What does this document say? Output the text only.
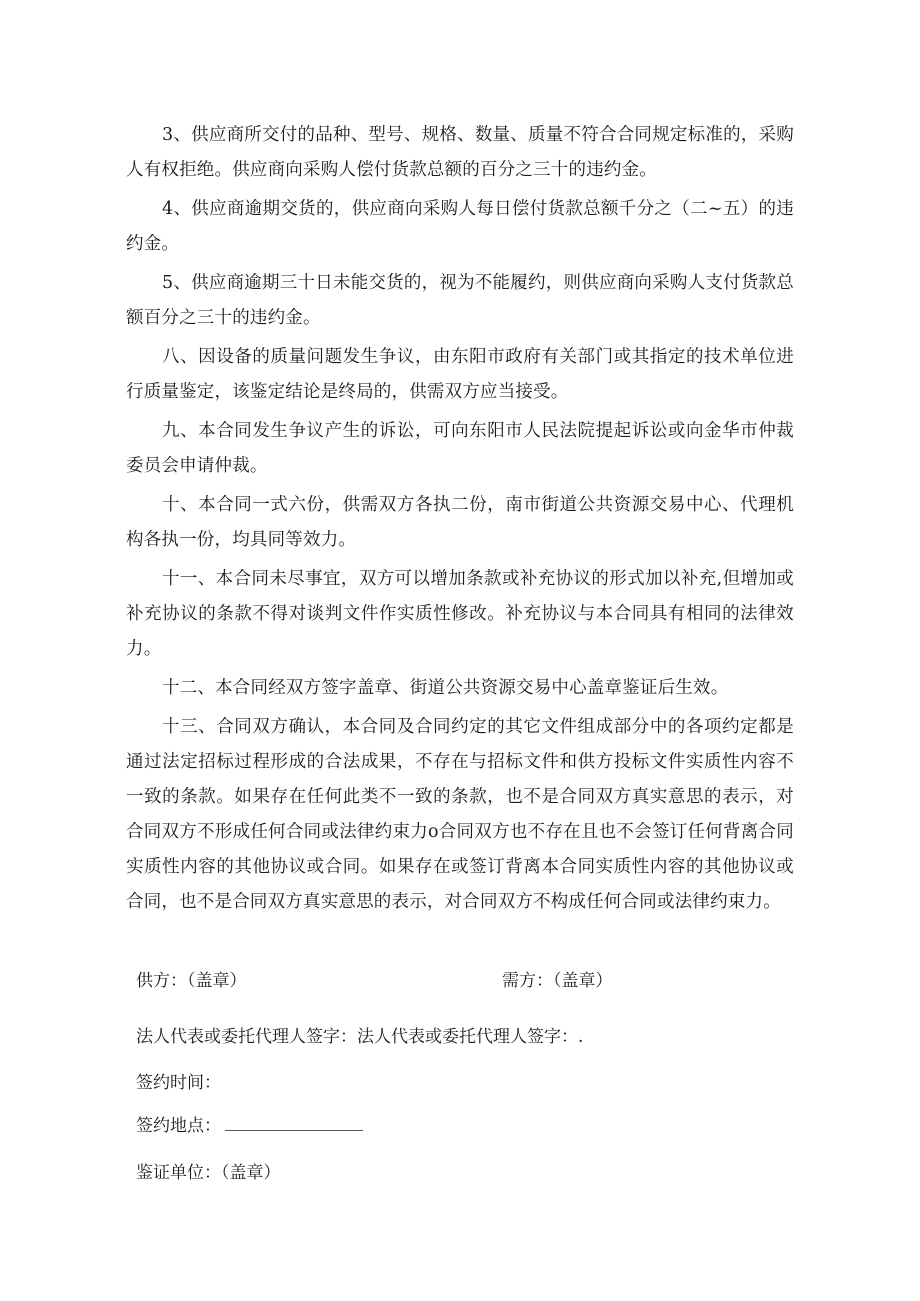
3、供应商所交付的品种、型号、规格、数量、质量不符合合同规定标准的，采购人有权拒绝。供应商向采购人偿付货款总额的百分之三十的违约金。

4、供应商逾期交货的，供应商向采购人每日偿付货款总额千分之（二~五）的违约金。

5、供应商逾期三十日未能交货的，视为不能履约，则供应商向采购人支付货款总额百分之三十的违约金。

八、因设备的质量问题发生争议，由东阳市政府有关部门或其指定的技术单位进行质量鉴定，该鉴定结论是终局的，供需双方应当接受。

九、本合同发生争议产生的诉讼，可向东阳市人民法院提起诉讼或向金华市仲裁委员会申请仲裁。

十、本合同一式六份，供需双方各执二份，南市街道公共资源交易中心、代理机构各执一份，均具同等效力。

十一、本合同未尽事宜，双方可以增加条款或补充协议的形式加以补充,但增加或补充协议的条款不得对谈判文件作实质性修改。补充协议与本合同具有相同的法律效力。

十二、本合同经双方签字盖章、街道公共资源交易中心盖章鉴证后生效。

十三、合同双方确认，本合同及合同约定的其它文件组成部分中的各项约定都是通过法定招标过程形成的合法成果，不存在与招标文件和供方投标文件实质性内容不一致的条款。如果存在任何此类不一致的条款，也不是合同双方真实意思的表示，对合同双方不形成任何合同或法律约束力o合同双方也不存在且也不会签订任何背离合同实质性内容的其他协议或合同。如果存在或签订背离本合同实质性内容的其他协议或合同，也不是合同双方真实意思的表示，对合同双方不构成任何合同或法律约束力。

供方：（盖章）	需方：（盖章）
法人代表或委托代理人签字：法人代表或委托代理人签字：.
签约时间：
签约地点：
鉴证单位：（盖章）
